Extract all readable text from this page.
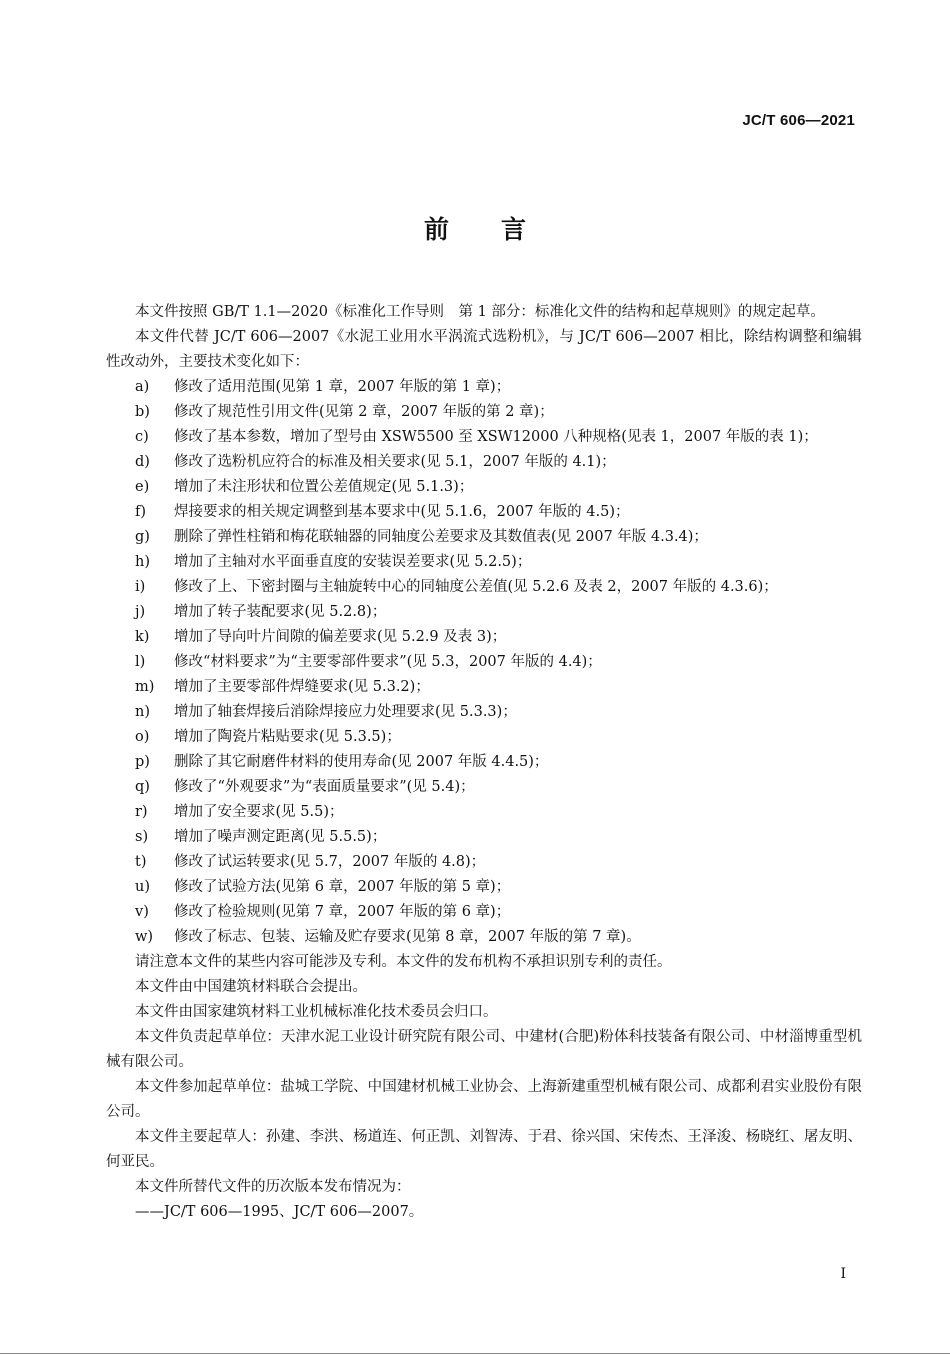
JC/T 606—2021
前言

本文件按照 GB/T 1.1—2020《标准化工作导则　第 1 部分：标准化文件的结构和起草规则》的规定起草。

本文件代替 JC/T 606—2007《水泥工业用水平涡流式选粉机》，与 JC/T 606—2007 相比，除结构调整和编辑性改动外，主要技术变化如下：

a)	修改了适用范围(见第 1 章，2007 年版的第 1 章)；
b)	修改了规范性引用文件(见第 2 章，2007 年版的第 2 章)；
c)	修改了基本参数，增加了型号由 XSW5500 至 XSW12000 八种规格(见表 1，2007 年版的表 1)；
d)	修改了选粉机应符合的标准及相关要求(见 5.1，2007 年版的 4.1)；
e)	增加了未注形状和位置公差值规定(见 5.1.3)；
f)	焊接要求的相关规定调整到基本要求中(见 5.1.6，2007 年版的 4.5)；
g)	删除了弹性柱销和梅花联轴器的同轴度公差要求及其数值表(见 2007 年版 4.3.4)；
h)	增加了主轴对水平面垂直度的安装误差要求(见 5.2.5)；
i)	修改了上、下密封圈与主轴旋转中心的同轴度公差值(见 5.2.6 及表 2，2007 年版的 4.3.6)；
j)	增加了转子装配要求(见 5.2.8)；
k)	增加了导向叶片间隙的偏差要求(见 5.2.9 及表 3)；
l)	修改“材料要求”为“主要零部件要求”(见 5.3，2007 年版的 4.4)；
m)	增加了主要零部件焊缝要求(见 5.3.2)；
n)	增加了轴套焊接后消除焊接应力处理要求(见 5.3.3)；
o)	增加了陶瓷片粘贴要求(见 5.3.5)；
p)	删除了其它耐磨件材料的使用寿命(见 2007 年版 4.4.5)；
q)	修改了“外观要求”为“表面质量要求”(见 5.4)；
r)	增加了安全要求(见 5.5)；
s)	增加了噪声测定距离(见 5.5.5)；
t)	修改了试运转要求(见 5.7，2007 年版的 4.8)；
u)	修改了试验方法(见第 6 章，2007 年版的第 5 章)；
v)	修改了检验规则(见第 7 章，2007 年版的第 6 章)；
w)	修改了标志、包装、运输及贮存要求(见第 8 章，2007 年版的第 7 章)。

请注意本文件的某些内容可能涉及专利。本文件的发布机构不承担识别专利的责任。

本文件由中国建筑材料联合会提出。

本文件由国家建筑材料工业机械标准化技术委员会归口。

本文件负责起草单位：天津水泥工业设计研究院有限公司、中建材(合肥)粉体科技装备有限公司、中材淄博重型机械有限公司。

本文件参加起草单位：盐城工学院、中国建材机械工业协会、上海新建重型机械有限公司、成都利君实业股份有限公司。

本文件主要起草人：孙建、李洪、杨道连、何正凯、刘智涛、于君、徐兴国、宋传杰、王泽浚、杨晓红、屠友明、何亚民。

本文件所替代文件的历次版本发布情况为：

——JC/T 606—1995、JC/T 606—2007。

I
